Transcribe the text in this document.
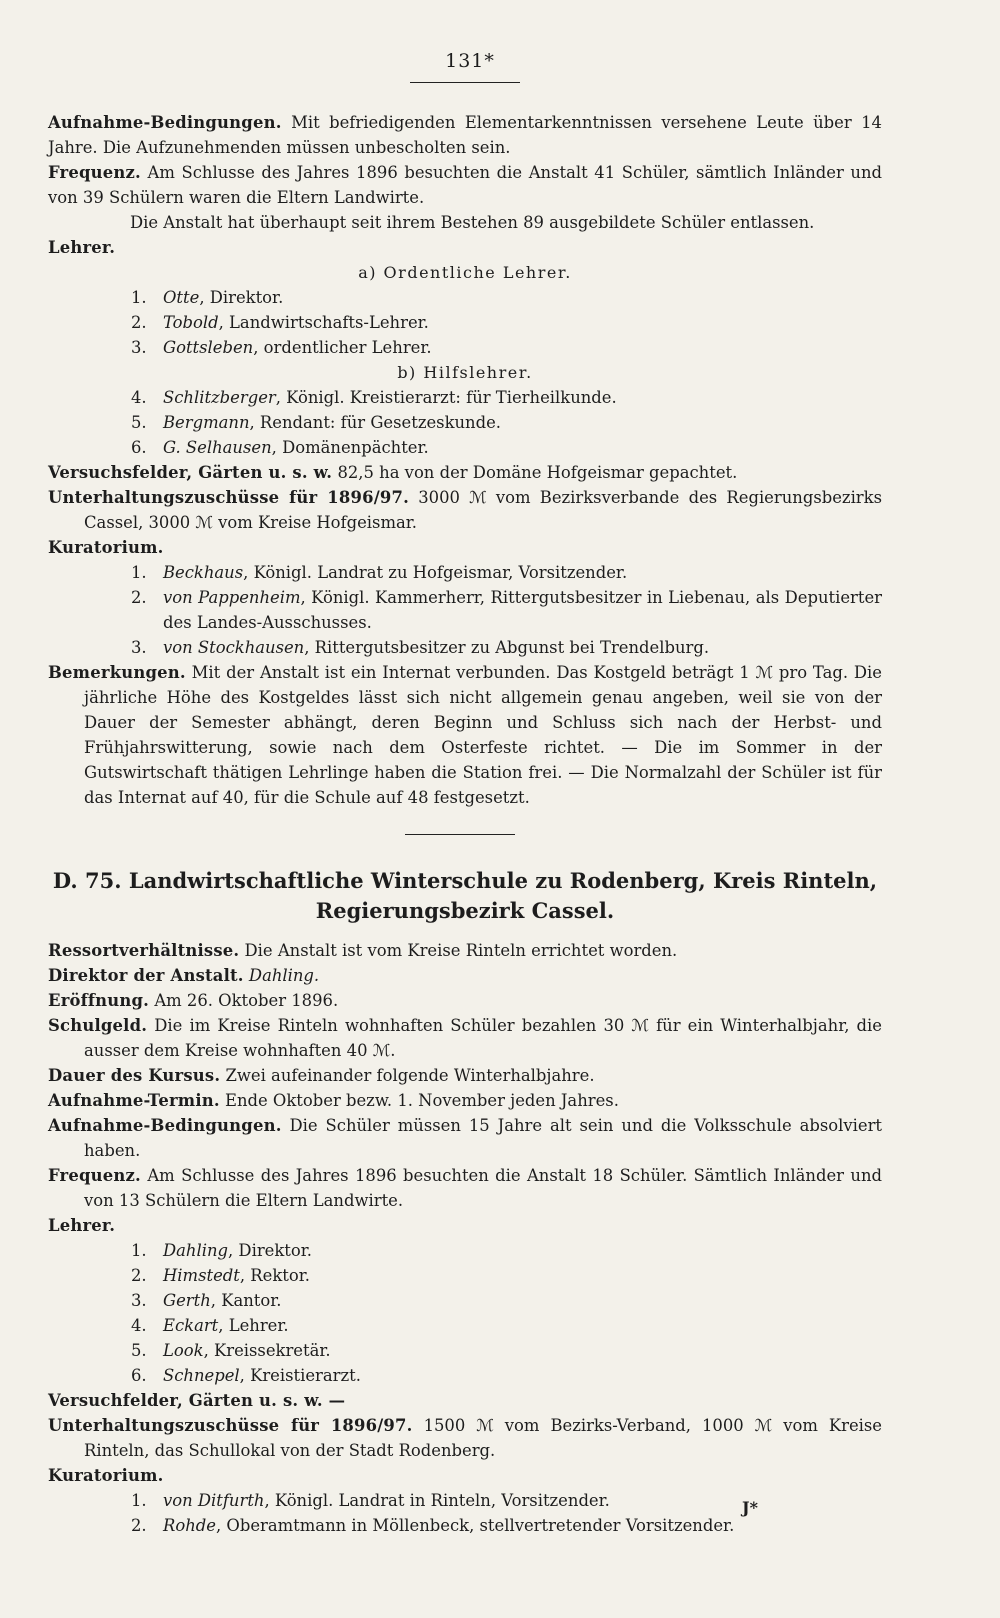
131*
Aufnahme-Bedingungen. Mit befriedigenden Elementarkenntnissen versehene Leute über 14 Jahre. Die Aufzunehmenden müssen unbescholten sein.
Frequenz. Am Schlusse des Jahres 1896 besuchten die Anstalt 41 Schüler, sämtlich Inländer und von 39 Schülern waren die Eltern Landwirte.
Die Anstalt hat überhaupt seit ihrem Bestehen 89 ausgebildete Schüler entlassen.
Lehrer.
a) Ordentliche Lehrer.
1. Otte, Direktor.
2. Tobold, Landwirtschafts-Lehrer.
3. Gottsleben, ordentlicher Lehrer.
b) Hilfslehrer.
4. Schlitzberger, Königl. Kreistierarzt: für Tierheilkunde.
5. Bergmann, Rendant: für Gesetzeskunde.
6. G. Selhausen, Domänenpächter.
Versuchsfelder, Gärten u. s. w. 82,5 ha von der Domäne Hofgeismar gepachtet.
Unterhaltungszuschüsse für 1896/97. 3000 ℳ vom Bezirksverbande des Regierungsbezirks Cassel, 3000 ℳ vom Kreise Hofgeismar.
Kuratorium.
1. Beckhaus, Königl. Landrat zu Hofgeismar, Vorsitzender.
2. von Pappenheim, Königl. Kammerherr, Rittergutsbesitzer in Liebenau, als Deputierter des Landes-Ausschusses.
3. von Stockhausen, Rittergutsbesitzer zu Abgunst bei Trendelburg.
Bemerkungen. Mit der Anstalt ist ein Internat verbunden. Das Kostgeld beträgt 1 ℳ pro Tag. Die jährliche Höhe des Kostgeldes lässt sich nicht allgemein genau angeben, weil sie von der Dauer der Semester abhängt, deren Beginn und Schluss sich nach der Herbst- und Frühjahrswitterung, sowie nach dem Osterfeste richtet. — Die im Sommer in der Gutswirtschaft thätigen Lehrlinge haben die Station frei. — Die Normalzahl der Schüler ist für das Internat auf 40, für die Schule auf 48 festgesetzt.
D. 75. Landwirtschaftliche Winterschule zu Rodenberg, Kreis Rinteln,
Regierungsbezirk Cassel.
Ressortverhältnisse. Die Anstalt ist vom Kreise Rinteln errichtet worden.
Direktor der Anstalt. Dahling.
Eröffnung. Am 26. Oktober 1896.
Schulgeld. Die im Kreise Rinteln wohnhaften Schüler bezahlen 30 ℳ für ein Winterhalbjahr, die ausser dem Kreise wohnhaften 40 ℳ.
Dauer des Kursus. Zwei aufeinander folgende Winterhalbjahre.
Aufnahme-Termin. Ende Oktober bezw. 1. November jeden Jahres.
Aufnahme-Bedingungen. Die Schüler müssen 15 Jahre alt sein und die Volksschule absolviert haben.
Frequenz. Am Schlusse des Jahres 1896 besuchten die Anstalt 18 Schüler. Sämtlich Inländer und von 13 Schülern die Eltern Landwirte.
Lehrer.
1. Dahling, Direktor.
2. Himstedt, Rektor.
3. Gerth, Kantor.
4. Eckart, Lehrer.
5. Look, Kreissekretär.
6. Schnepel, Kreistierarzt.
Versuchfelder, Gärten u. s. w. —
Unterhaltungszuschüsse für 1896/97. 1500 ℳ vom Bezirks-Verband, 1000 ℳ vom Kreise Rinteln, das Schullokal von der Stadt Rodenberg.
Kuratorium.
1. von Ditfurth, Königl. Landrat in Rinteln, Vorsitzender.
2. Rohde, Oberamtmann in Möllenbeck, stellvertretender Vorsitzender.
J*
